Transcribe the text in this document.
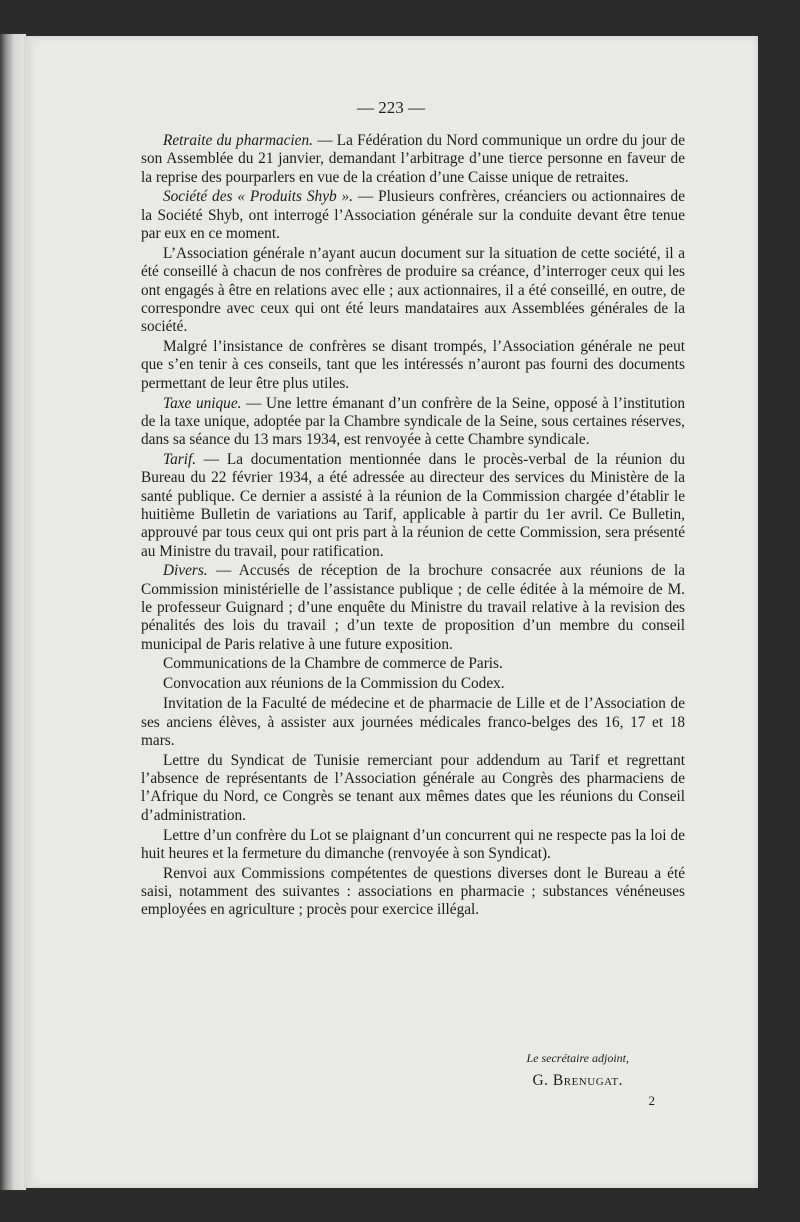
— 223 —

Retraite du pharmacien. — La Fédération du Nord communique un ordre du jour de son Assemblée du 21 janvier, demandant l’arbitrage d’une tierce personne en faveur de la reprise des pourparlers en vue de la création d’une Caisse unique de retraites.

Société des « Produits Shyb ». — Plusieurs confrères, créanciers ou actionnaires de la Société Shyb, ont interrogé l’Association générale sur la conduite devant être tenue par eux en ce moment.

L’Association générale n’ayant aucun document sur la situation de cette société, il a été conseillé à chacun de nos confrères de produire sa créance, d’interroger ceux qui les ont engagés à être en relations avec elle ; aux actionnaires, il a été conseillé, en outre, de correspondre avec ceux qui ont été leurs mandataires aux Assemblées générales de la société.

Malgré l’insistance de confrères se disant trompés, l’Association générale ne peut que s’en tenir à ces conseils, tant que les intéressés n’auront pas fourni des documents permettant de leur être plus utiles.

Taxe unique. — Une lettre émanant d’un confrère de la Seine, opposé à l’institution de la taxe unique, adoptée par la Chambre syndicale de la Seine, sous certaines réserves, dans sa séance du 13 mars 1934, est renvoyée à cette Chambre syndicale.

Tarif. — La documentation mentionnée dans le procès-verbal de la réunion du Bureau du 22 février 1934, a été adressée au directeur des services du Ministère de la santé publique. Ce dernier a assisté à la réunion de la Commission chargée d’établir le huitième Bulletin de variations au Tarif, applicable à partir du 1er avril. Ce Bulletin, approuvé par tous ceux qui ont pris part à la réunion de cette Commission, sera présenté au Ministre du travail, pour ratification.

Divers. — Accusés de réception de la brochure consacrée aux réunions de la Commission ministérielle de l’assistance publique ; de celle éditée à la mémoire de M. le professeur Guignard ; d’une enquête du Ministre du travail relative à la revision des pénalités des lois du travail ; d’un texte de proposition d’un membre du conseil municipal de Paris relative à une future exposition.

Communications de la Chambre de commerce de Paris.

Convocation aux réunions de la Commission du Codex.

Invitation de la Faculté de médecine et de pharmacie de Lille et de l’Association de ses anciens élèves, à assister aux journées médicales franco-belges des 16, 17 et 18 mars.

Lettre du Syndicat de Tunisie remerciant pour addendum au Tarif et regrettant l’absence de représentants de l’Association générale au Congrès des pharmaciens de l’Afrique du Nord, ce Congrès se tenant aux mêmes dates que les réunions du Conseil d’administration.

Lettre d’un confrère du Lot se plaignant d’un concurrent qui ne respecte pas la loi de huit heures et la fermeture du dimanche (renvoyée à son Syndicat).

Renvoi aux Commissions compétentes de questions diverses dont le Bureau a été saisi, notamment des suivantes : associations en pharmacie ; substances vénéneuses employées en agriculture ; procès pour exercice illégal.

Le secrétaire adjoint,
G. Brenugat.
2
